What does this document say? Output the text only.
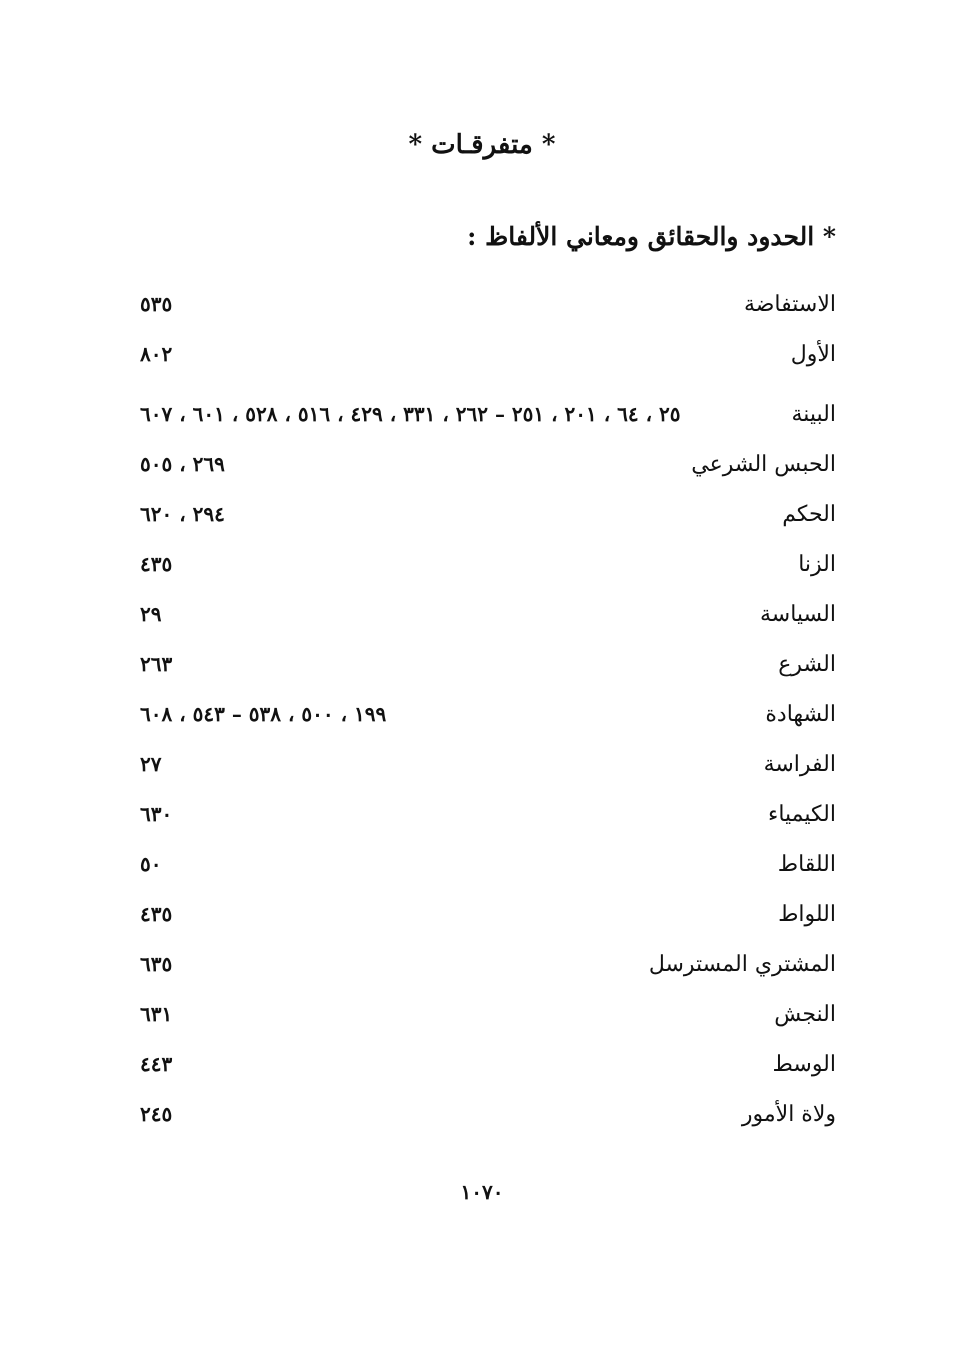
* متفرقـات *
* الحدود والحقائق ومعاني الألفاظ :
الاستفاضة
٥٣٥
الأول
٨٠٢
البينة
٢٥ ، ٦٤ ، ٢٠١ ، ٢٥١ – ٢٦٢ ، ٣٣١ ، ٤٢٩ ، ٥١٦ ، ٥٢٨ ، ٦٠١ ، ٦٠٧
الحبس الشرعي
٢٦٩ ، ٥٠٥
الحكم
٢٩٤ ، ٦٢٠
الزنا
٤٣٥
السياسة
٢٩
الشرع
٢٦٣
الشهادة
١٩٩ ، ٥٠٠ ، ٥٣٨ – ٥٤٣ ، ٦٠٨
الفراسة
٢٧
الكيمياء
٦٣٠
اللقاط
٥٠
اللواط
٤٣٥
المشتري المسترسل
٦٣٥
النجش
٦٣١
الوسط
٤٤٣
ولاة الأمور
٢٤٥
١٠٧٠
